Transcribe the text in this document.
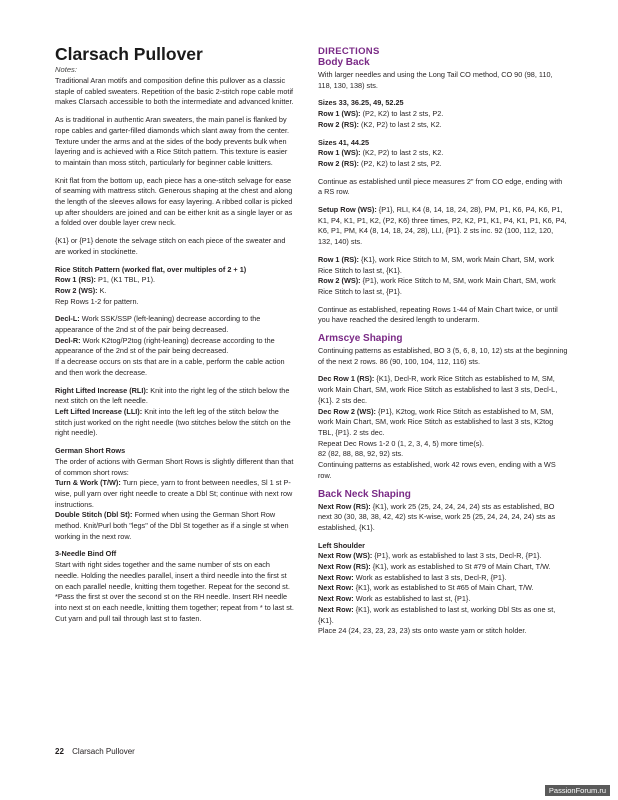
Clarsach Pullover
Notes:

Traditional Aran motifs and composition define this pullover as a classic staple of cabled sweaters. Repetition of the basic 2-stitch rope cable motif makes Clarsach accessible to both the intermediate and advanced knitter.

As is traditional in authentic Aran sweaters, the main panel is flanked by rope cables and garter-filled diamonds which slant away from the center. Texture under the arms and at the sides of the body prevents bulk when layering and is achieved with a Rice Stitch pattern. This texture is easier to maintain than moss stitch, particularly for beginner cable knitters.

Knit flat from the bottom up, each piece has a one-stitch selvage for ease of seaming with mattress stitch. Generous shaping at the chest and along the length of the sleeves allows for easy layering. A ribbed collar is picked up after shoulders are joined and can be either knit as a single layer or as a folded over double layer crew neck.

{K1} or {P1} denote the selvage stitch on each piece of the sweater and are worked in stockinette.

Rice Stitch Pattern (worked flat, over multiples of 2 + 1)

Row 1 (RS): P1, (K1 TBL, P1).

Row 2 (WS): K.

Rep Rows 1-2 for pattern.

Decl-L: Work SSK/SSP (left-leaning) decrease according to the appearance of the 2nd st of the pair being decreased.

Decl-R: Work K2tog/P2tog (right-leaning) decrease according to the appearance of the 2nd st of the pair being decreased.

If a decrease occurs on sts that are in a cable, perform the cable action and then work the decrease.

Right Lifted Increase (RLI): Knit into the right leg of the stitch below the next stitch on the left needle.

Left Lifted Increase (LLI): Knit into the left leg of the stitch below the stitch just worked on the right needle (two stitches below the stitch on the right needle).

German Short Rows

The order of actions with German Short Rows is slightly different than that of common short rows:

Turn & Work (T/W): Turn piece, yarn to front between needles, Sl 1 st P-wise, pull yarn over right needle to create a Dbl St; continue with next row instructions.

Double Stitch (Dbl St): Formed when using the German Short Row method. Knit/Purl both "legs" of the Dbl St together as if a single st when working in the next row.

3-Needle Bind Off

Start with right sides together and the same number of sts on each needle. Holding the needles parallel, insert a third needle into the first st on each parallel needle, knitting them together. Repeat for the second st. *Pass the first st over the second st on the RH needle. Insert RH needle into next st on each needle, knitting them together; repeat from * to last st. Cut yarn and pull tail through last st to fasten.

DIRECTIONS
Body Back

With larger needles and using the Long Tail CO method, CO 90 (98, 110, 118, 130, 138) sts.

Sizes 33, 36.25, 49, 52.25

Row 1 (WS): (P2, K2) to last 2 sts, P2.

Row 2 (RS): (K2, P2) to last 2 sts, K2.

Sizes 41, 44.25

Row 1 (WS): (K2, P2) to last 2 sts, K2.

Row 2 (RS): (P2, K2) to last 2 sts, P2.

Continue as established until piece measures 2" from CO edge, ending with a RS row.

Setup Row (WS): {P1}, RLI, K4 (8, 14, 18, 24, 28), PM, P1, K6, P4, K6, P1, K1, P4, K1, P1, K2, (P2, K6) three times, P2, K2, P1, K1, P4, K1, P1, K6, P4, K6, P1, PM, K4 (8, 14, 18, 24, 28), LLI, {P1}. 2 sts inc. 92 (100, 112, 120, 132, 140) sts.

Row 1 (RS): {K1}, work Rice Stitch to M, SM, work Main Chart, SM, work Rice Stitch to last st, {K1}.

Row 2 (WS): {P1}, work Rice Stitch to M, SM, work Main Chart, SM, work Rice Stitch to last st, {P1}.

Continue as established, repeating Rows 1-44 of Main Chart twice, or until you have reached the desired length to underarm.

Armscye Shaping

Continuing patterns as established, BO 3 (5, 6, 8, 10, 12) sts at the beginning of the next 2 rows. 86 (90, 100, 104, 112, 116) sts.

Dec Row 1 (RS): {K1}, Decl-R, work Rice Stitch as established to M, SM, work Main Chart, SM, work Rice Stitch as established to last 3 sts, Decl-L, {K1}. 2 sts dec.

Dec Row 2 (WS): {P1}, K2tog, work Rice Stitch as established to M, SM, work Main Chart, SM, work Rice Stitch as established to last 3 sts, K2tog TBL, {P1}. 2 sts dec.

Repeat Dec Rows 1-2 0 (1, 2, 3, 4, 5) more time(s).

82 (82, 88, 88, 92, 92) sts.

Continuing patterns as established, work 42 rows even, ending with a WS row.

Back Neck Shaping

Next Row (RS): {K1}, work 25 (25, 24, 24, 24, 24) sts as established, BO next 30 (30, 38, 38, 42, 42) sts K-wise, work 25 (25, 24, 24, 24, 24) sts as established, {K1}.

Left Shoulder

Next Row (WS): {P1}, work as established to last 3 sts, Decl-R, {P1}.

Next Row (RS): {K1}, work as established to St #79 of Main Chart, T/W.

Next Row: Work as established to last 3 sts, Decl-R, {P1}.

Next Row: {K1}, work as established to St #65 of Main Chart, T/W.

Next Row: Work as established to last st, {P1}.

Next Row: {K1}, work as established to last st, working Dbl Sts as one st, {K1}.

Place 24 (24, 23, 23, 23, 23) sts onto waste yarn or stitch holder.

22 Clarsach Pullover
PassionForum.ru
